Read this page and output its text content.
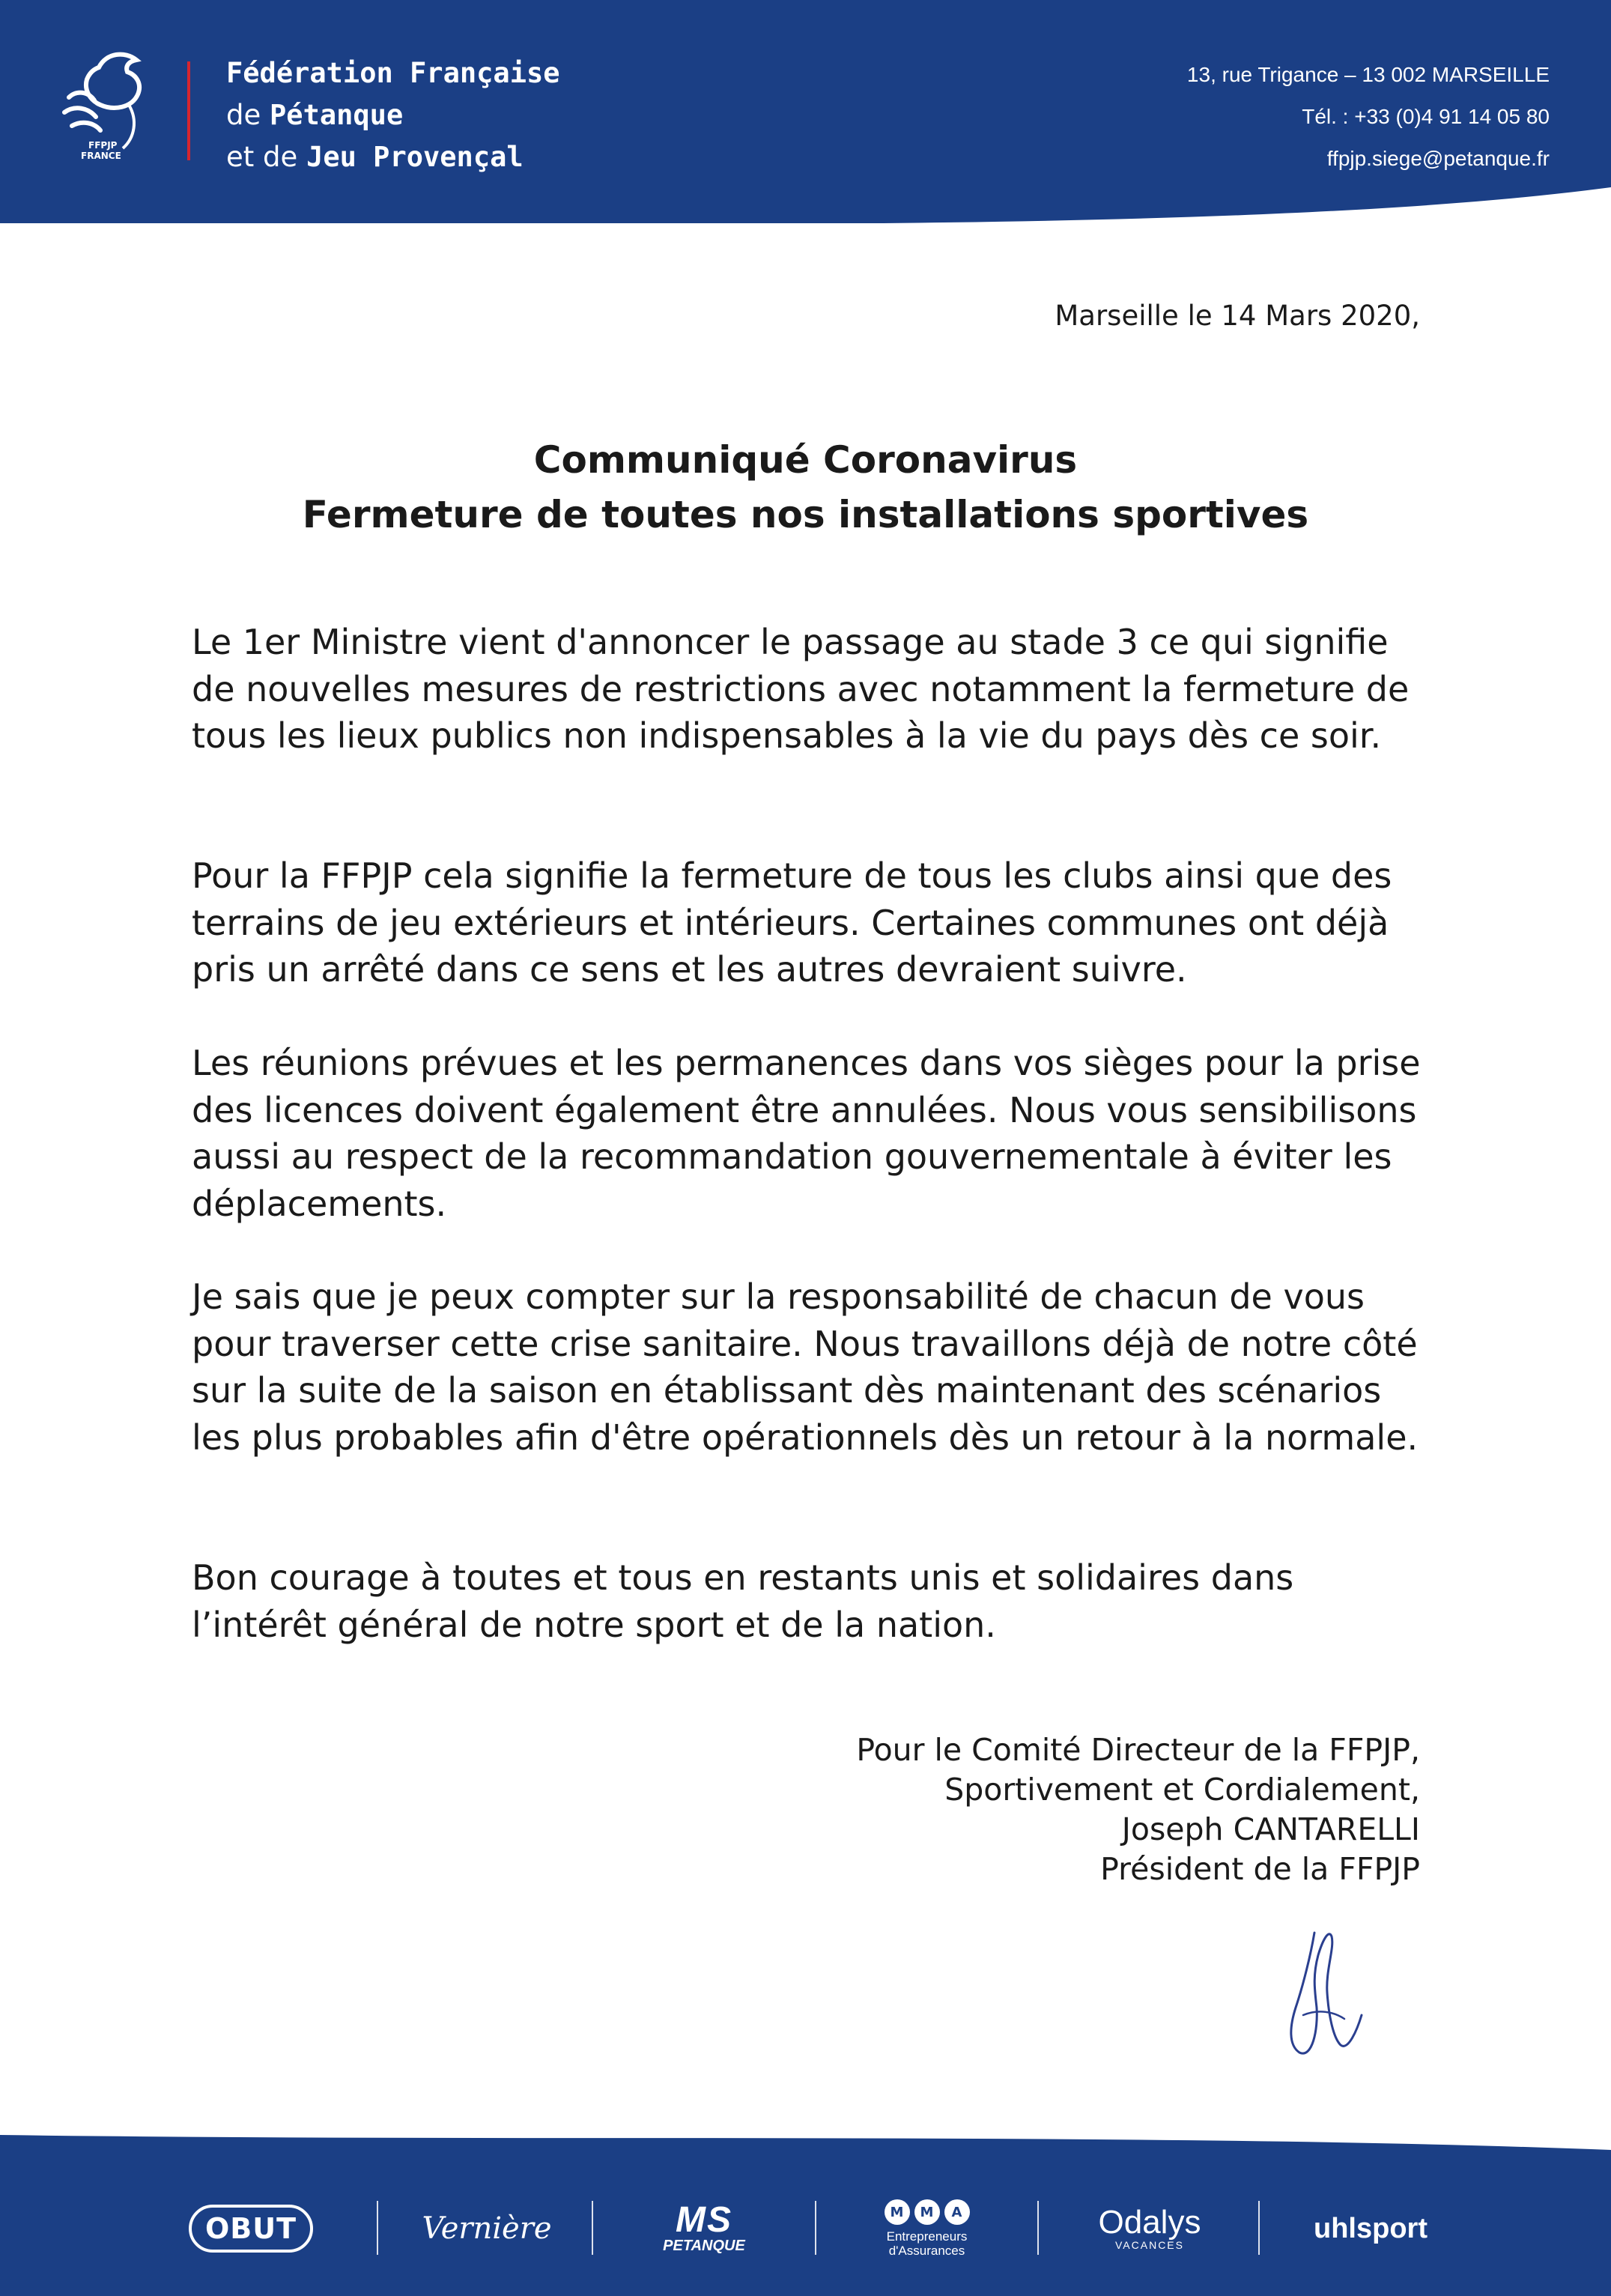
FFPJP
FRANCE
Fédération Française
de Pétanque
et de Jeu Provençal
13, rue Trigance – 13 002 MARSEILLE
Tél. : +33 (0)4 91 14 05 80
ffpjp.siege@petanque.fr
Marseille le 14 Mars 2020,
Communiqué Coronavirus
Fermeture de toutes nos installations sportives

Le 1er Ministre vient d'annoncer le passage au stade 3 ce qui signifie de nouvelles mesures de restrictions avec notamment la fermeture de tous les lieux publics non indispensables à la vie du pays dès ce soir.

Pour la FFPJP cela signifie la fermeture de tous les clubs ainsi que des terrains de jeu extérieurs et intérieurs. Certaines communes ont déjà pris un arrêté dans ce sens et les autres devraient suivre.

Les réunions prévues et les permanences dans vos sièges pour la prise des licences doivent également être annulées. Nous vous sensibilisons aussi au respect de la recommandation gouvernementale à éviter les déplacements.

Je sais que je peux compter sur la responsabilité de chacun de vous pour traverser cette crise sanitaire. Nous travaillons déjà de notre côté sur la suite de la saison en établissant dès maintenant des scénarios les plus probables afin d'être opérationnels dès un retour à la normale.

Bon courage à toutes et tous en restants unis et solidaires dans l’intérêt général de notre sport et de la nation.

Pour le Comité Directeur de la FFPJP,
Sportivement et Cordialement,
Joseph CANTARELLI
Président de la FFPJP
OBUT	Vernière	MS
PETANQUE
M	M	A
Entrepreneurs
d'Assurances
Odalys
VACANCES
uhlsport
